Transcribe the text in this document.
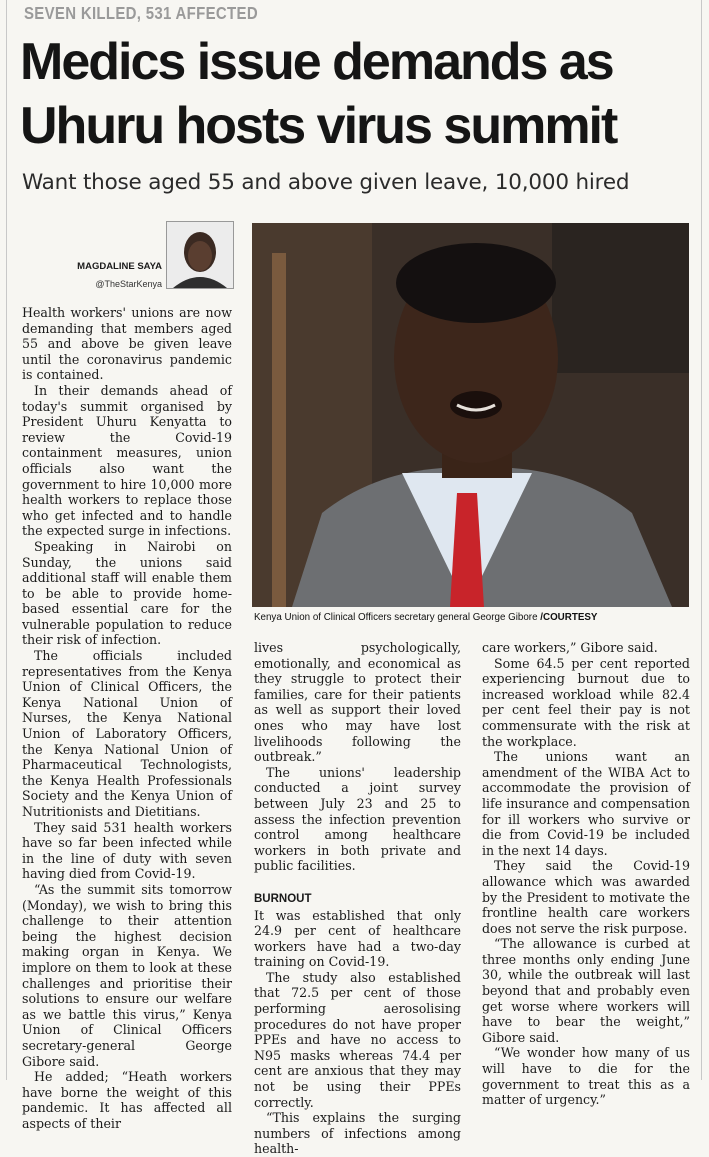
SEVEN KILLED, 531 AFFECTED
Medics issue demands as Uhuru hosts virus summit
Want those aged 55 and above given leave, 10,000 hired
MAGDALINE SAYA
@TheStarKenya
Kenya Union of Clinical Officers secretary general George Gibore /COURTESY

Health workers' unions are now demanding that members aged 55 and above be given leave until the coronavirus pandemic is contained.

In their demands ahead of today's summit organised by President Uhuru Kenyatta to review the Covid-19 containment measures, union officials also want the government to hire 10,000 more health workers to replace those who get infected and to handle the expected surge in infections.

Speaking in Nairobi on Sunday, the unions said additional staff will enable them to be able to provide home-based essential care for the vulnerable population to reduce their risk of infection.

The officials included representatives from the Kenya Union of Clinical Officers, the Kenya National Union of Nurses, the Kenya National Union of Laboratory Officers, the Kenya National Union of Pharmaceutical Technologists, the Kenya Health Professionals Society and the Kenya Union of Nutritionists and Dietitians.

They said 531 health workers have so far been infected while in the line of duty with seven having died from Covid-19.

“As the summit sits tomorrow (Monday), we wish to bring this challenge to their attention being the highest decision making organ in Kenya. We implore on them to look at these challenges and prioritise their solutions to ensure our welfare as we battle this virus,” Kenya Union of Clinical Officers secretary-general George Gibore said.

He added; “Heath workers have borne the weight of this pandemic. It has affected all aspects of their

lives psychologically, emotionally, and economical as they struggle to protect their families, care for their patients as well as support their loved ones who may have lost livelihoods following the outbreak.”

The unions' leadership conducted a joint survey between July 23 and 25 to assess the infection prevention control among healthcare workers in both private and public facilities.

BURNOUT

It was established that only 24.9 per cent of healthcare workers have had a two-day training on Covid-19.

The study also established that 72.5 per cent of those performing aerosolising procedures do not have proper PPEs and have no access to N95 masks whereas 74.4 per cent are anxious that they may not be using their PPEs correctly.

“This explains the surging numbers of infections among health-

care workers,” Gibore said.

Some 64.5 per cent reported experiencing burnout due to increased workload while 82.4 per cent feel their pay is not commensurate with the risk at the workplace.

The unions want an amendment of the WIBA Act to accommodate the provision of life insurance and compensation for ill workers who survive or die from Covid-19 be included in the next 14 days.

They said the Covid-19 allowance which was awarded by the President to motivate the frontline health care workers does not serve the risk purpose.

“The allowance is curbed at three months only ending June 30, while the outbreak will last beyond that and probably even get worse where workers will have to bear the weight,” Gibore said.

“We wonder how many of us will have to die for the government to treat this as a matter of urgency.”
